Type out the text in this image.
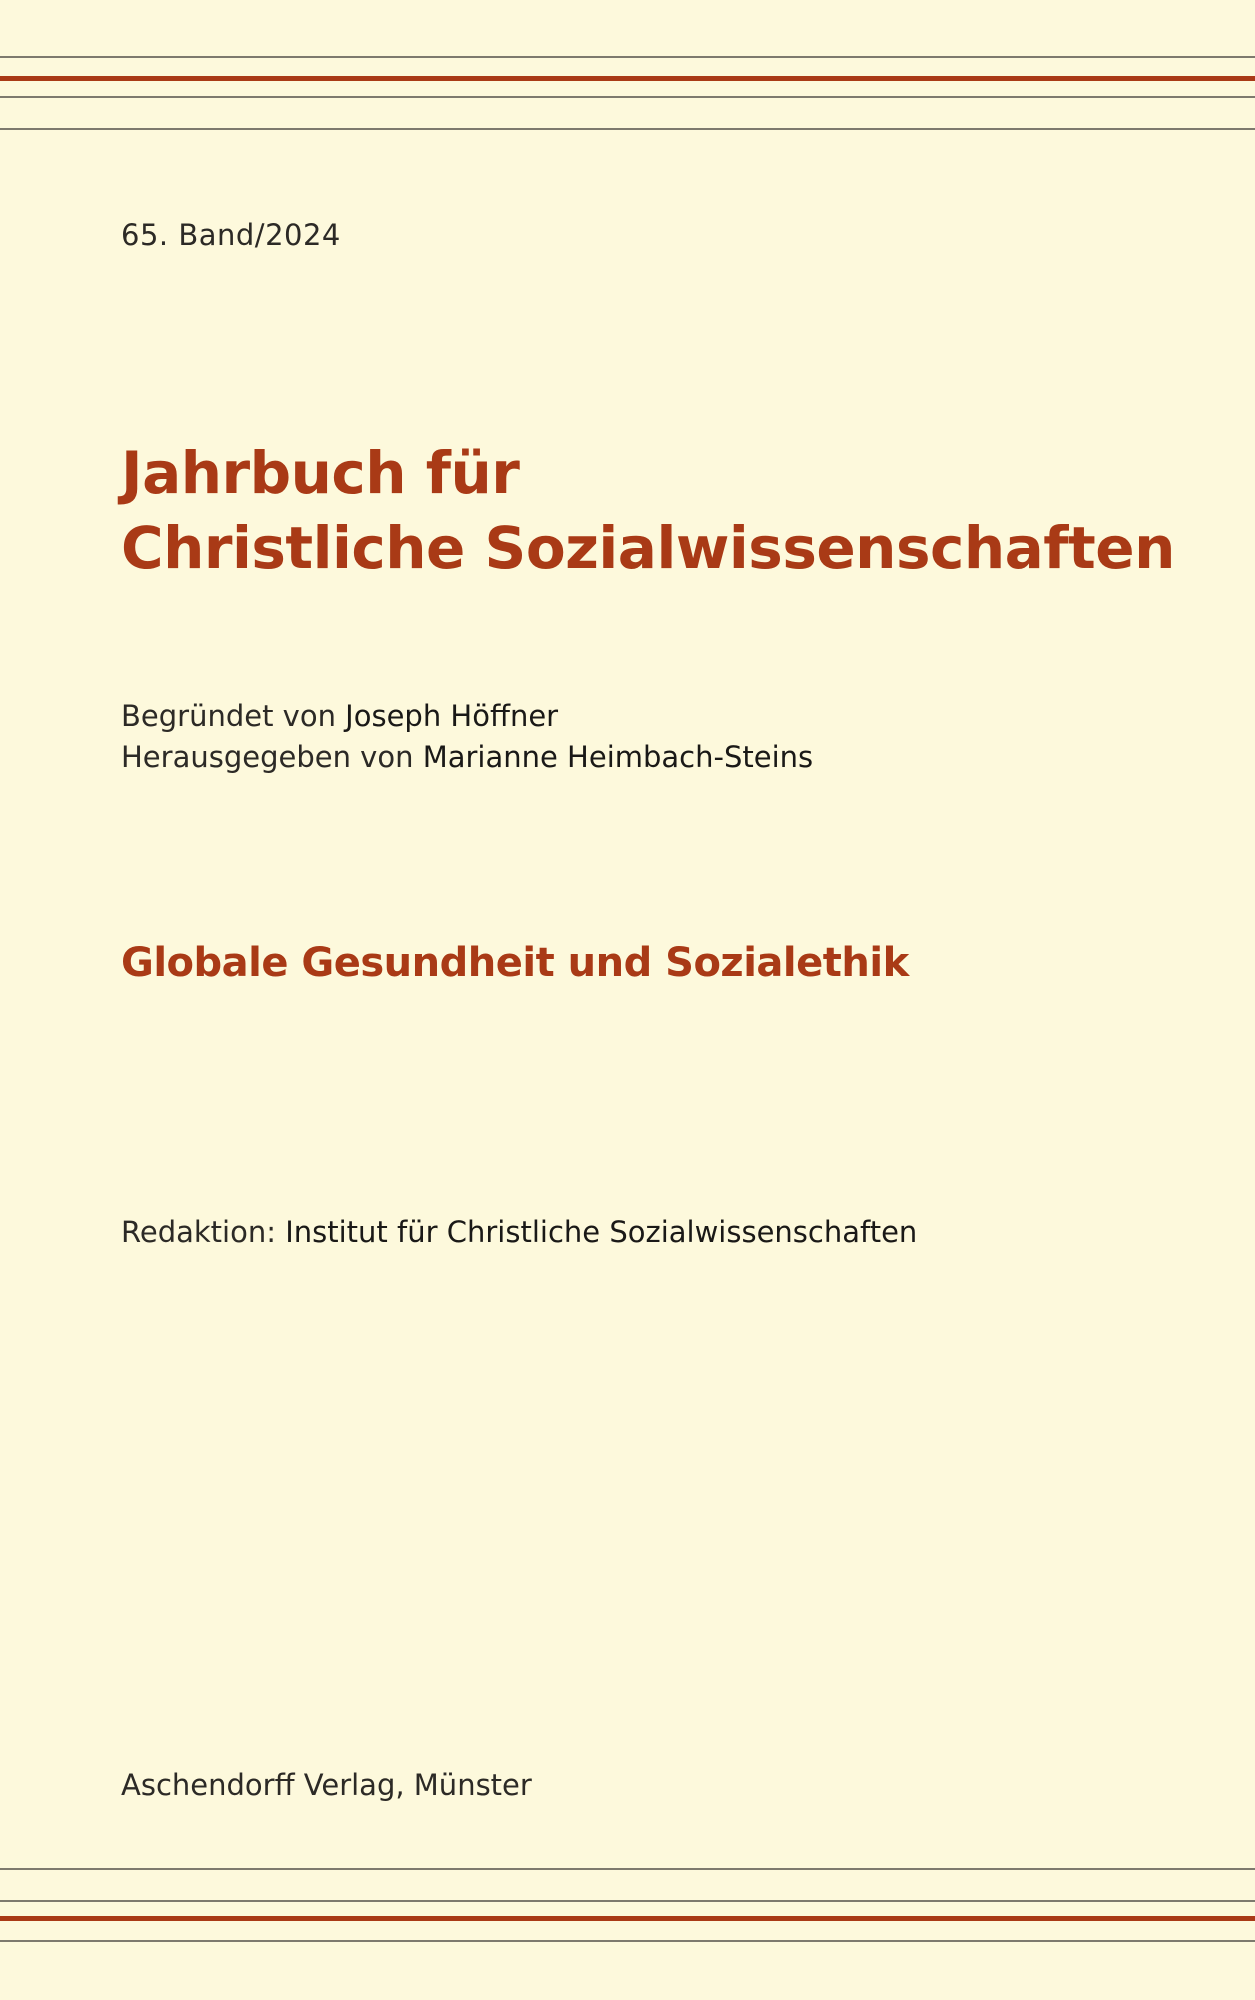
65. Band/2024
Jahrbuch für
Christliche Sozialwissenschaften
Begründet von Joseph Höffner
Herausgegeben von Marianne Heimbach-Steins
Globale Gesundheit und Sozialethik
Redaktion: Institut für Christliche Sozialwissenschaften
Aschendorff Verlag, Münster
